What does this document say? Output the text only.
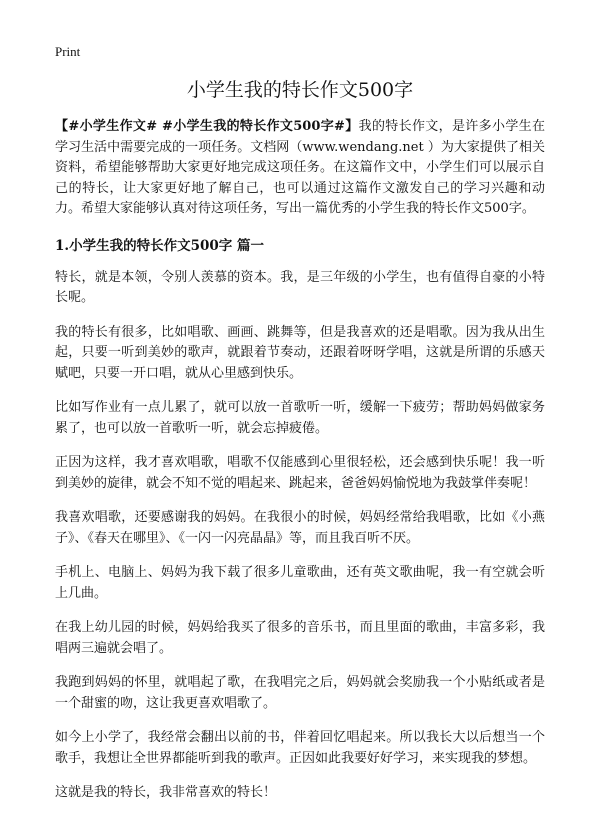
Print
小学生我的特长作文500字

【#小学生作文# #小学生我的特长作文500字#】我的特长作文，是许多小学生在学习生活中需要完成的一项任务。文档网（www.wendang.net ）为大家提供了相关资料，希望能够帮助大家更好地完成这项任务。在这篇作文中，小学生们可以展示自己的特长，让大家更好地了解自己，也可以通过这篇作文激发自己的学习兴趣和动力。希望大家能够认真对待这项任务，写出一篇优秀的小学生我的特长作文500字。

1.小学生我的特长作文500字 篇一

特长，就是本领，令别人羡慕的资本。我，是三年级的小学生，也有值得自豪的小特长呢。

我的特长有很多，比如唱歌、画画、跳舞等，但是我喜欢的还是唱歌。因为我从出生起，只要一听到美妙的歌声，就跟着节奏动，还跟着呀呀学唱，这就是所谓的乐感天赋吧，只要一开口唱，就从心里感到快乐。

比如写作业有一点儿累了，就可以放一首歌听一听，缓解一下疲劳；帮助妈妈做家务累了，也可以放一首歌听一听，就会忘掉疲倦。

正因为这样，我才喜欢唱歌，唱歌不仅能感到心里很轻松，还会感到快乐呢！我一听到美妙的旋律，就会不知不觉的唱起来、跳起来，爸爸妈妈愉悦地为我鼓掌伴奏呢！

我喜欢唱歌，还要感谢我的妈妈。在我很小的时候，妈妈经常给我唱歌，比如《小燕子》、《春天在哪里》、《一闪一闪亮晶晶》等，而且我百听不厌。

手机上、电脑上、妈妈为我下载了很多儿童歌曲，还有英文歌曲呢，我一有空就会听上几曲。

在我上幼儿园的时候，妈妈给我买了很多的音乐书，而且里面的歌曲，丰富多彩，我唱两三遍就会唱了。

我跑到妈妈的怀里，就唱起了歌，在我唱完之后，妈妈就会奖励我一个小贴纸或者是一个甜蜜的吻，这让我更喜欢唱歌了。

如今上小学了，我经常会翻出以前的书，伴着回忆唱起来。所以我长大以后想当一个歌手，我想让全世界都能听到我的歌声。正因如此我要好好学习，来实现我的梦想。

这就是我的特长，我非常喜欢的特长！
